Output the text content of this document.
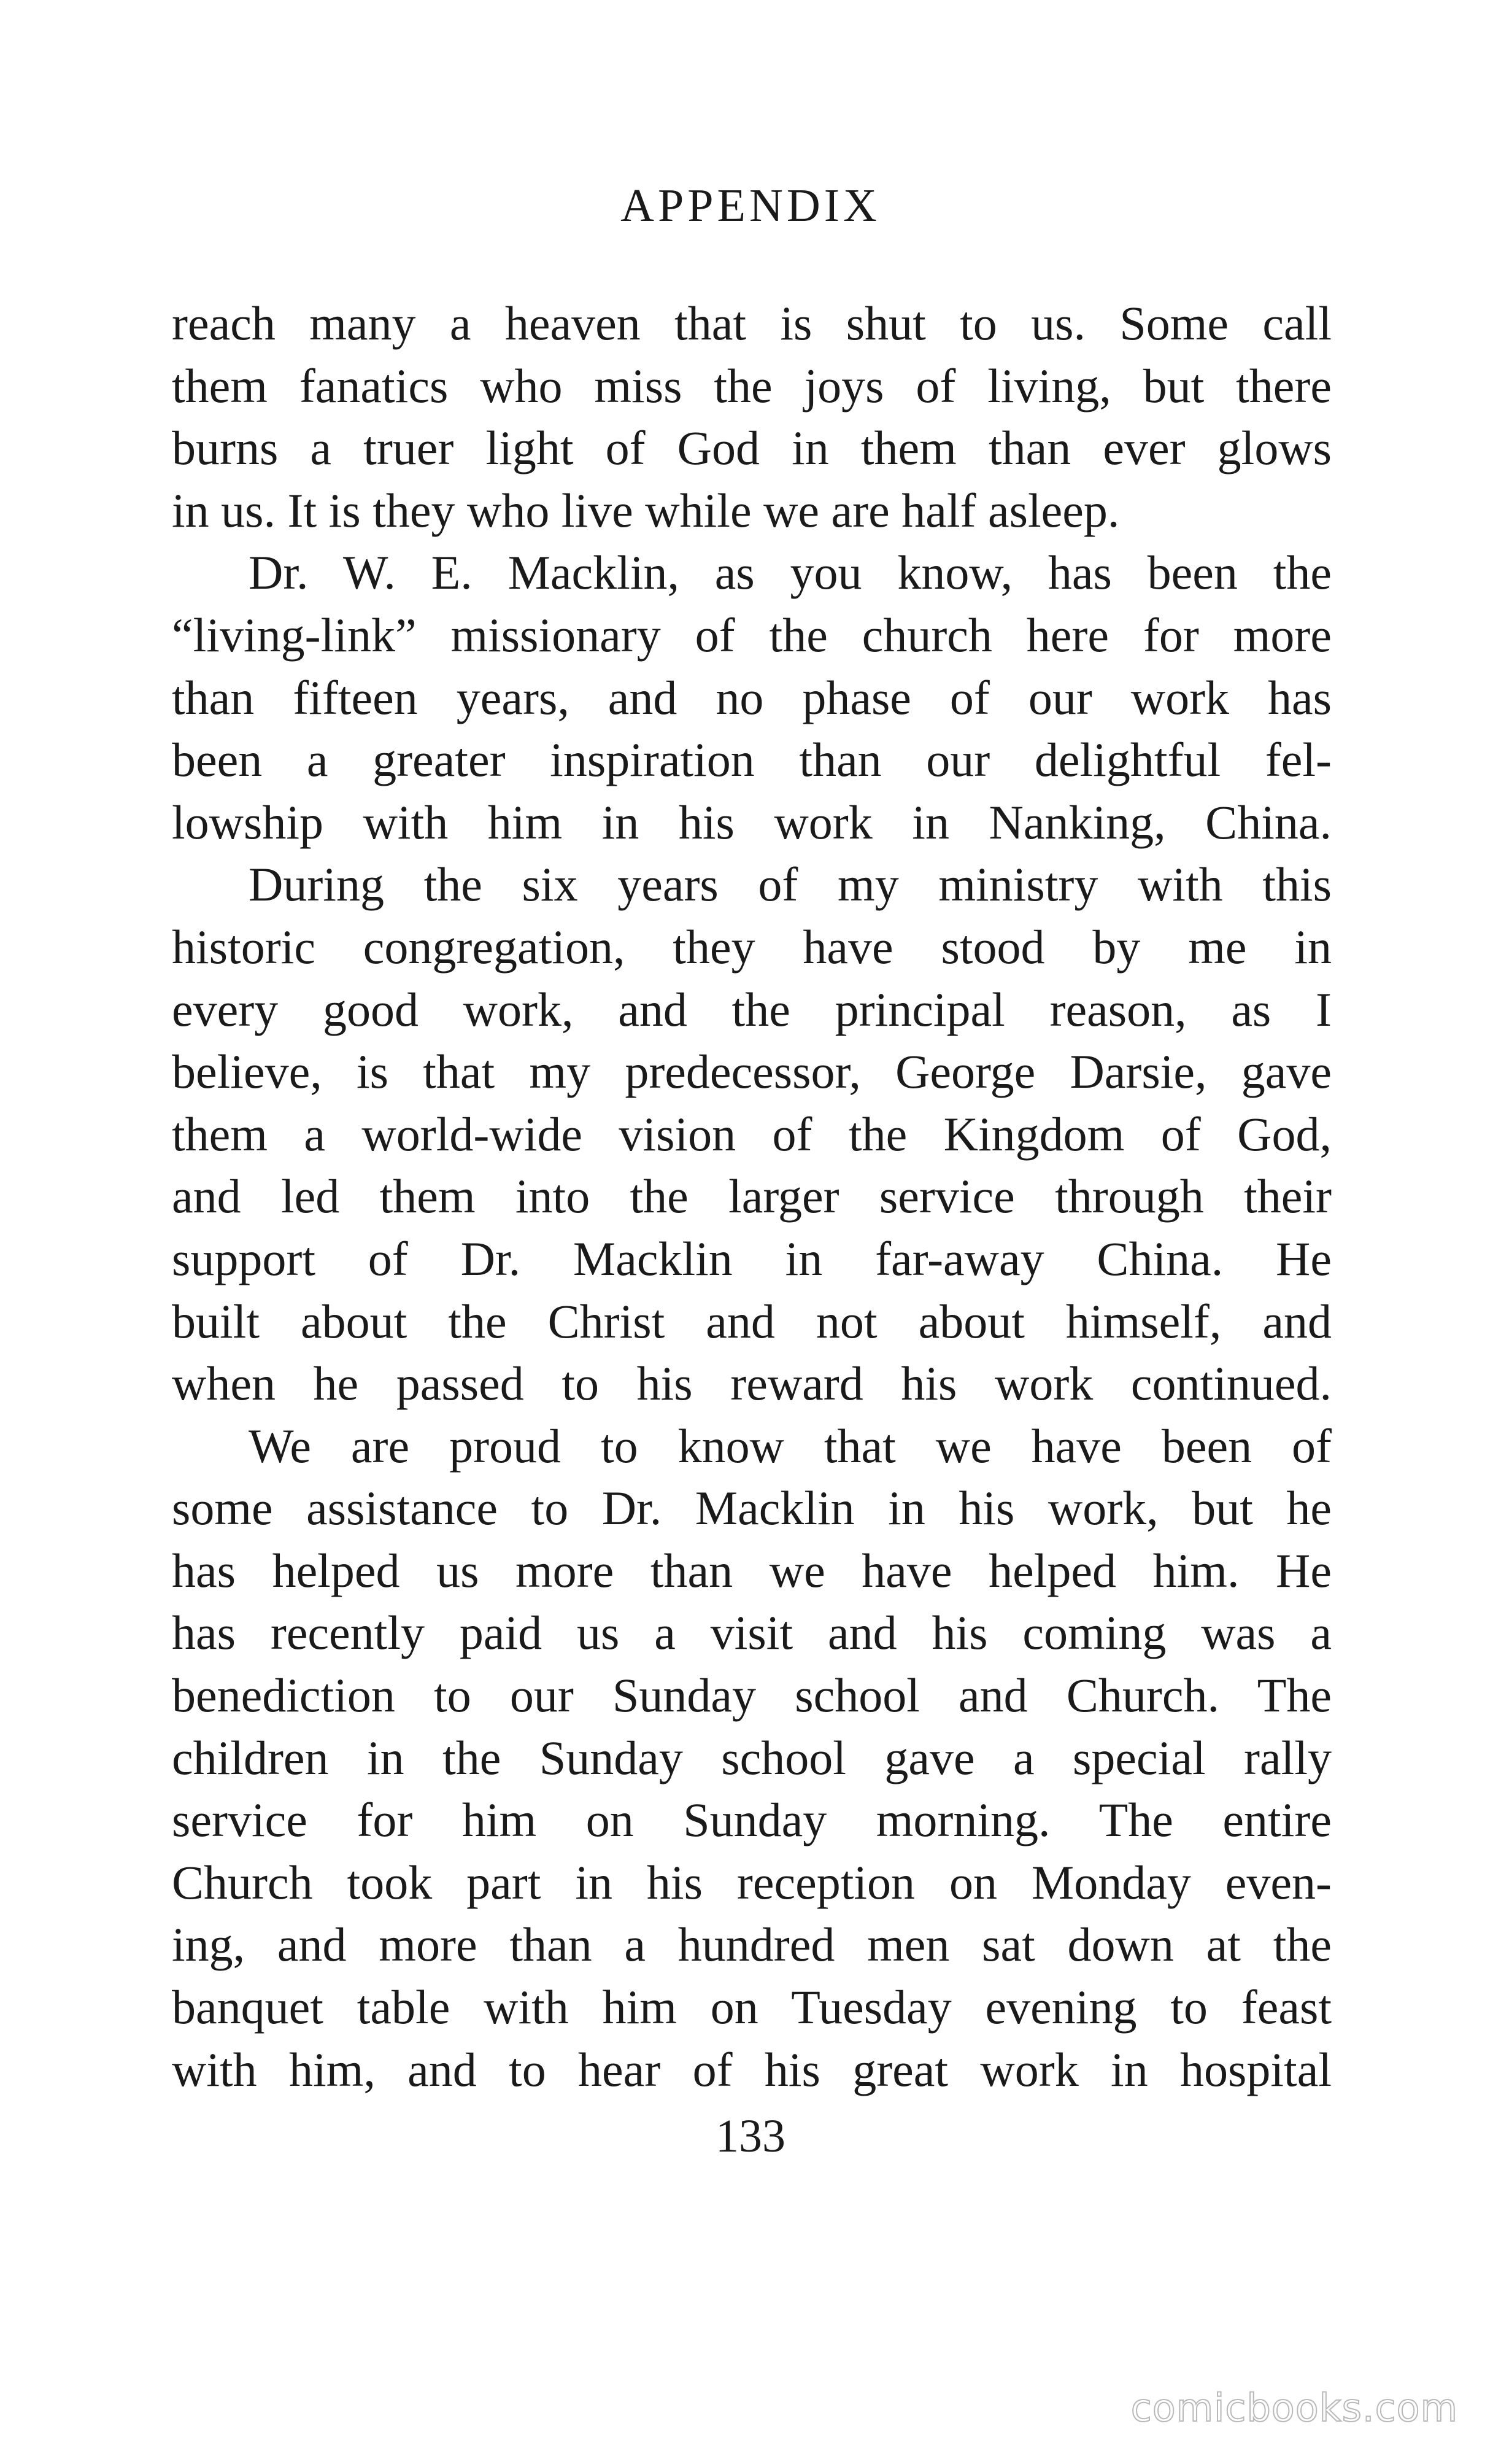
APPENDIX
reach many a heaven that is shut to us. Some call
them fanatics who miss the joys of living, but there
burns a truer light of God in them than ever glows
in us. It is they who live while we are half asleep.
Dr. W. E. Macklin, as you know, has been the
“living-link” missionary of the church here for more
than fifteen years, and no phase of our work has
been a greater inspiration than our delightful fel-
lowship with him in his work in Nanking, China.
During the six years of my ministry with this
historic congregation, they have stood by me in
every good work, and the principal reason, as I
believe, is that my predecessor, George Darsie, gave
them a world-wide vision of the Kingdom of God,
and led them into the larger service through their
support of Dr. Macklin in far-away China. He
built about the Christ and not about himself, and
when he passed to his reward his work continued.
We are proud to know that we have been of
some assistance to Dr. Macklin in his work, but he
has helped us more than we have helped him. He
has recently paid us a visit and his coming was a
benediction to our Sunday school and Church. The
children in the Sunday school gave a special rally
service for him on Sunday morning. The entire
Church took part in his reception on Monday even-
ing, and more than a hundred men sat down at the
banquet table with him on Tuesday evening to feast
with him, and to hear of his great work in hospital
133
comicbooks.com
